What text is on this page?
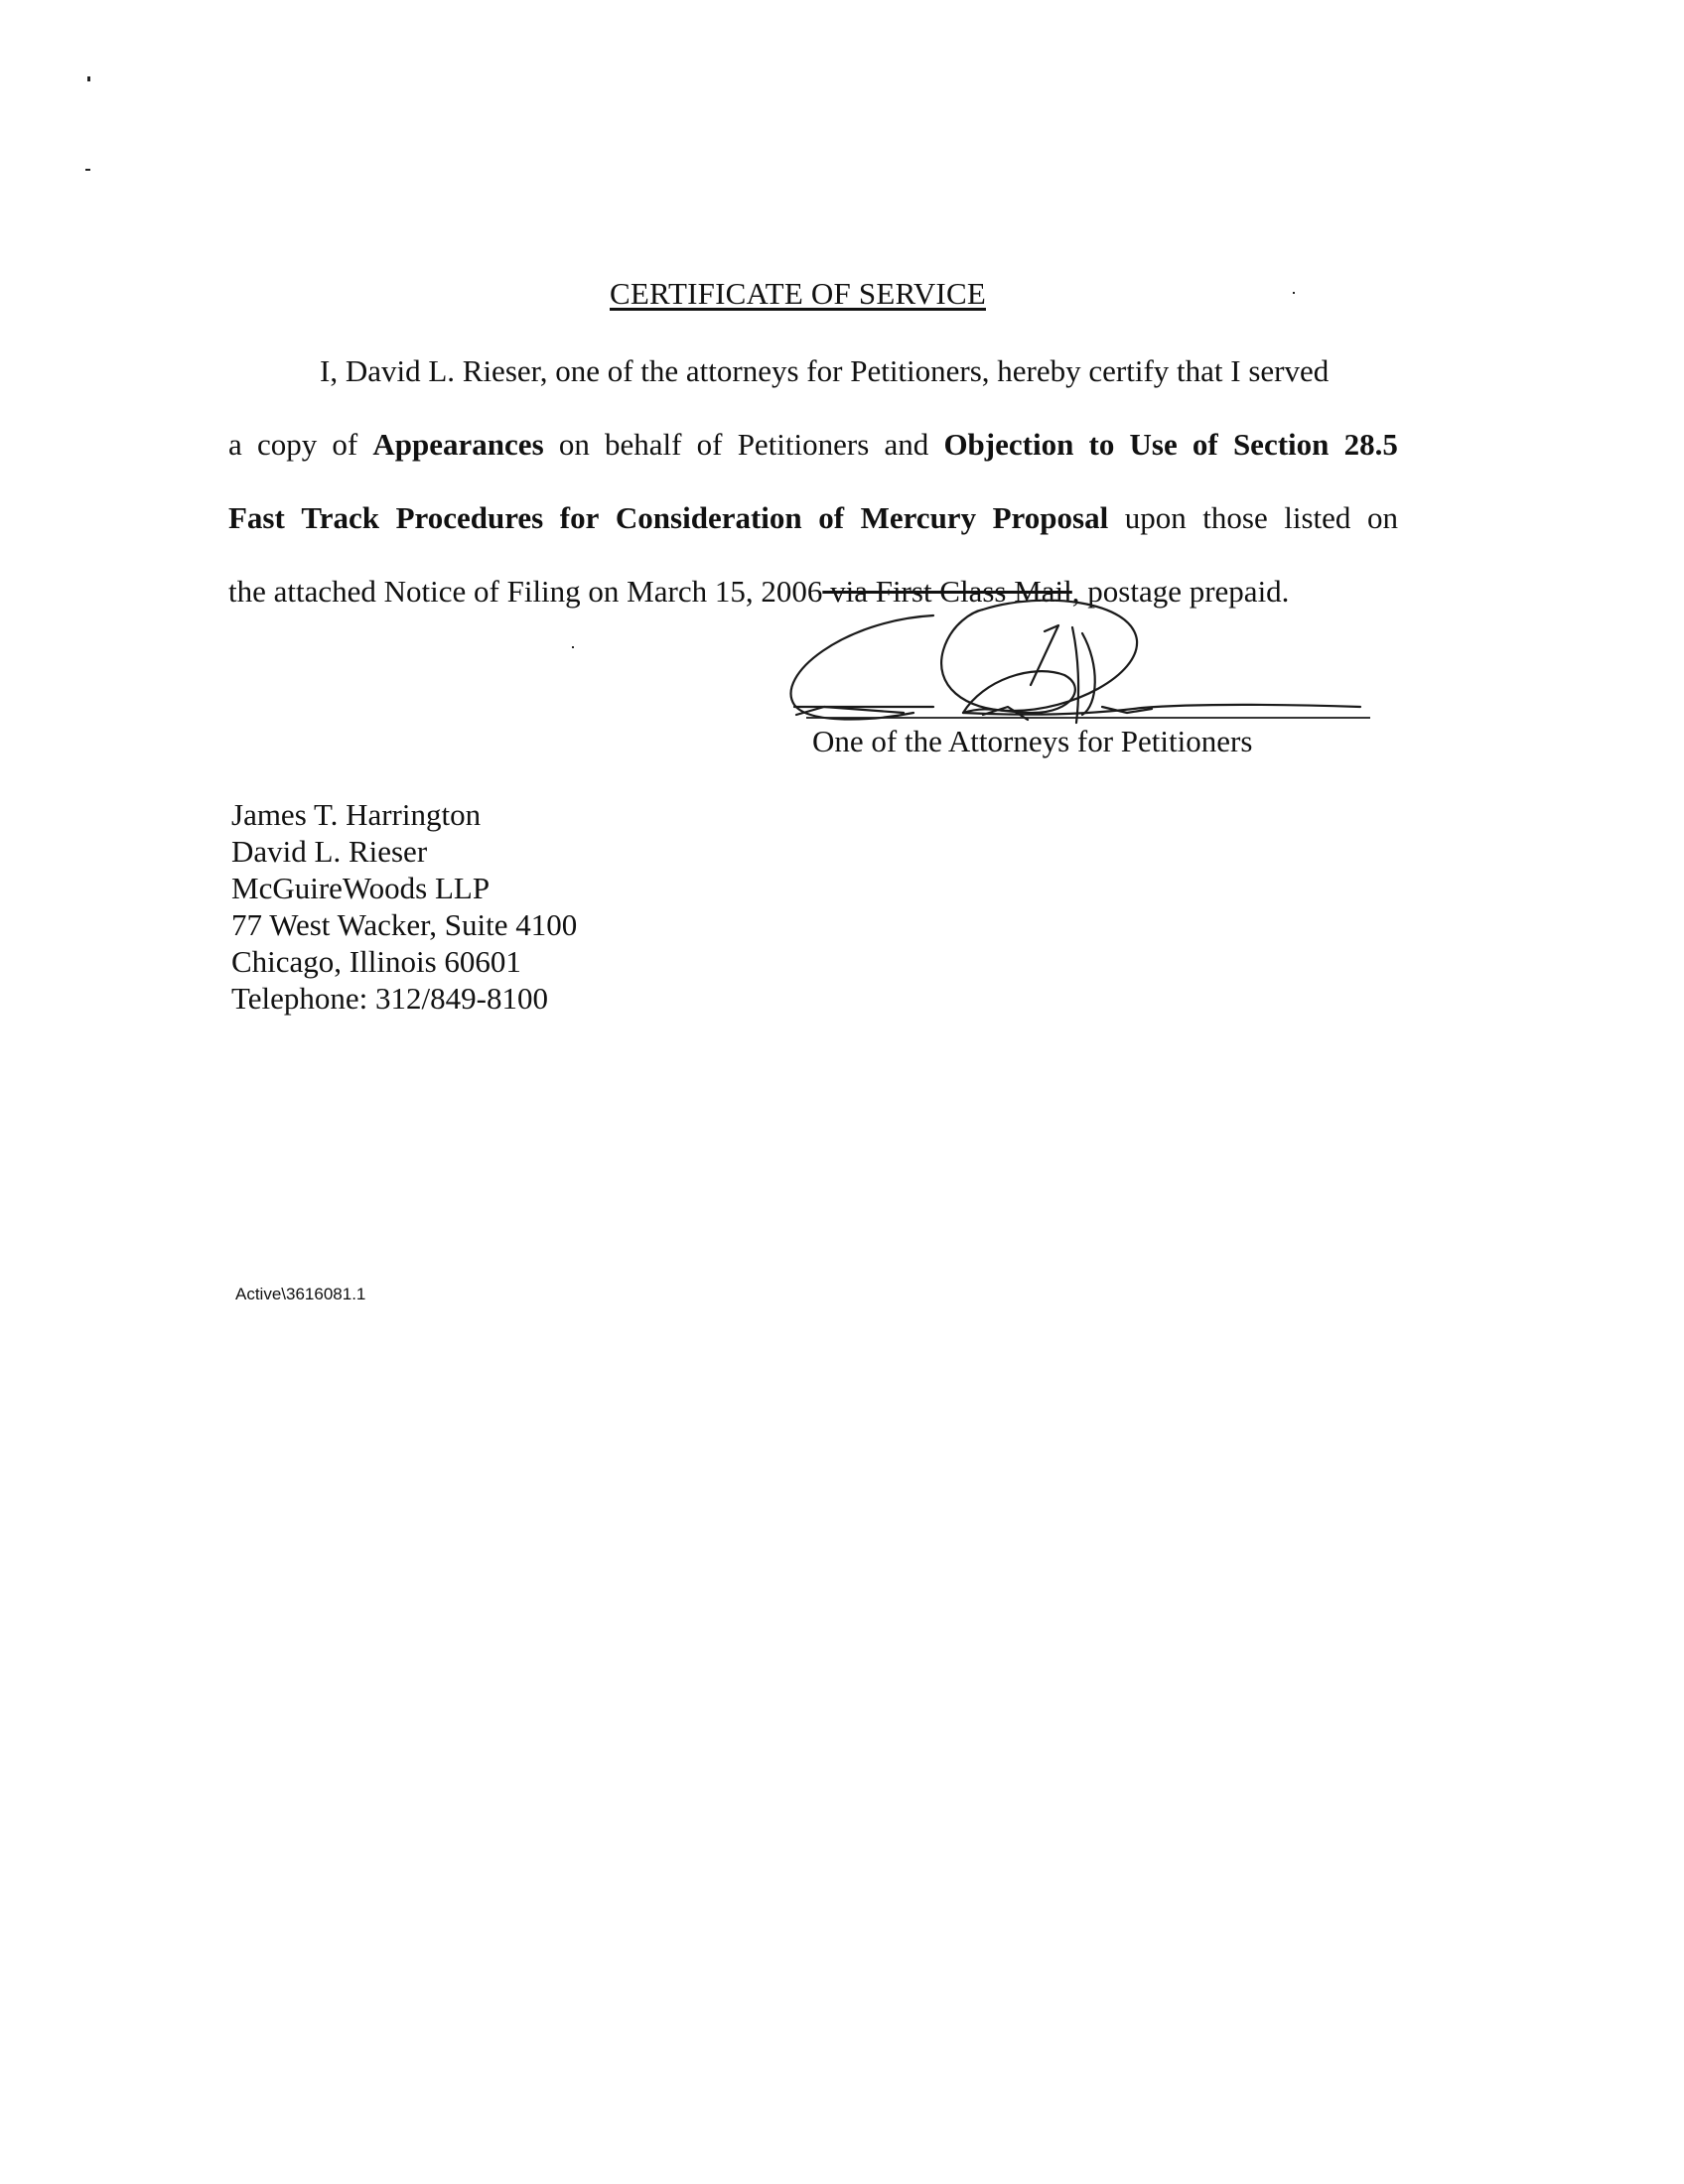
CERTIFICATE OF SERVICE
I, David L. Rieser, one of the attorneys for Petitioners, hereby certify that I served
a copy of Appearances on behalf of Petitioners and Objection to Use of Section 28.5
Fast Track Procedures for Consideration of Mercury Proposal upon those listed on
the attached Notice of Filing on March 15, 2006 via First Class Mail, postage prepaid.
One of the Attorneys for Petitioners
James T. Harrington
David L. Rieser
McGuireWoods LLP
77 West Wacker, Suite 4100
Chicago, Illinois 60601
Telephone: 312/849-8100
Active\3616081.1
